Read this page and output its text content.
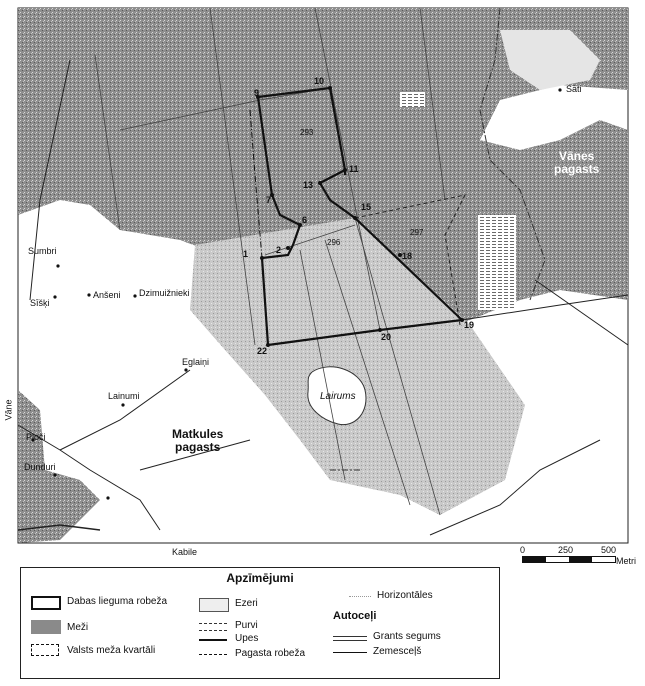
Sāti
Vānes
pagasts
Sumbri
Sīšķi
Anšeni Dzimuižnieki
Eglaiņi
Lainumi
Matkules
pagasts
Vāne
Ploči
Dunduri
Kabile
Lairums
1	2
6
7
9
10
11
13
15
18
19
20
22
293
296
297
0	250	500
Metri
Apzīmējumi
Dabas lieguma robeža
Meži
Valsts meža kvartāli
Ezeri
Purvi
Upes
Pagasta robeža
Horizontāles
Autoceļi
Grants segums
Zemesceļš
